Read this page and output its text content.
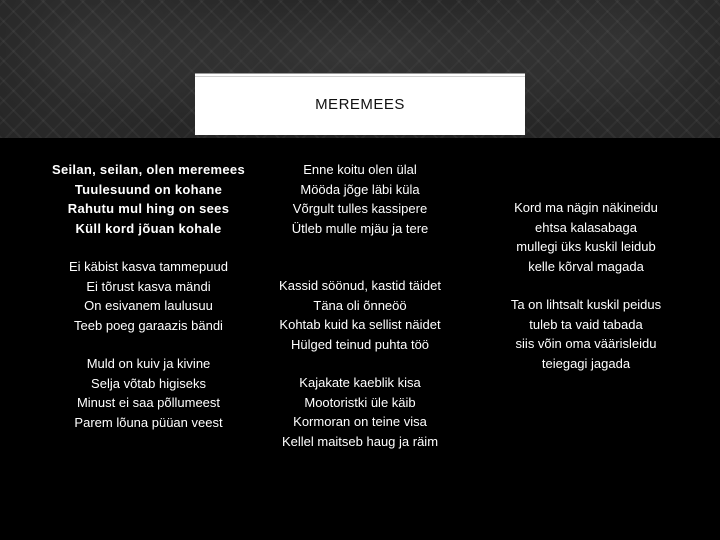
MEREMEES
Seilan, seilan, olen meremees
Tuulesuund on kohane
Rahutu mul hing on sees
Küll kord jõuan kohale
Ei käbist kasva tammepuud
Ei tõrust kasva mändi
On esivanem laulusuu
Teeb poeg garaazis bändi
Muld on kuiv ja kivine
Selja võtab higiseks
Minust ei saa põllumeest
Parem lõuna püüan veest
Enne koitu olen ülal
Mööda jõge läbi küla
Võrgult tulles kassipere
Ütleb mulle mjäu ja tere
Kassid söönud, kastid täidet
Täna oli õnneöö
Kohtab kuid ka sellist näidet
Hülged teinud puhta töö
Kajakate kaeblik kisa
Mootoristki üle käib
Kormoran on teine visa
Kellel maitseb haug ja räim
Kord ma nägin näkineidu
ehtsa kalasabaga
mullegi üks kuskil leidub
kelle kõrval magada
Ta on lihtsalt kuskil peidus
tuleb ta vaid tabada
siis võin oma väärisleidu
teiegagi jagada
